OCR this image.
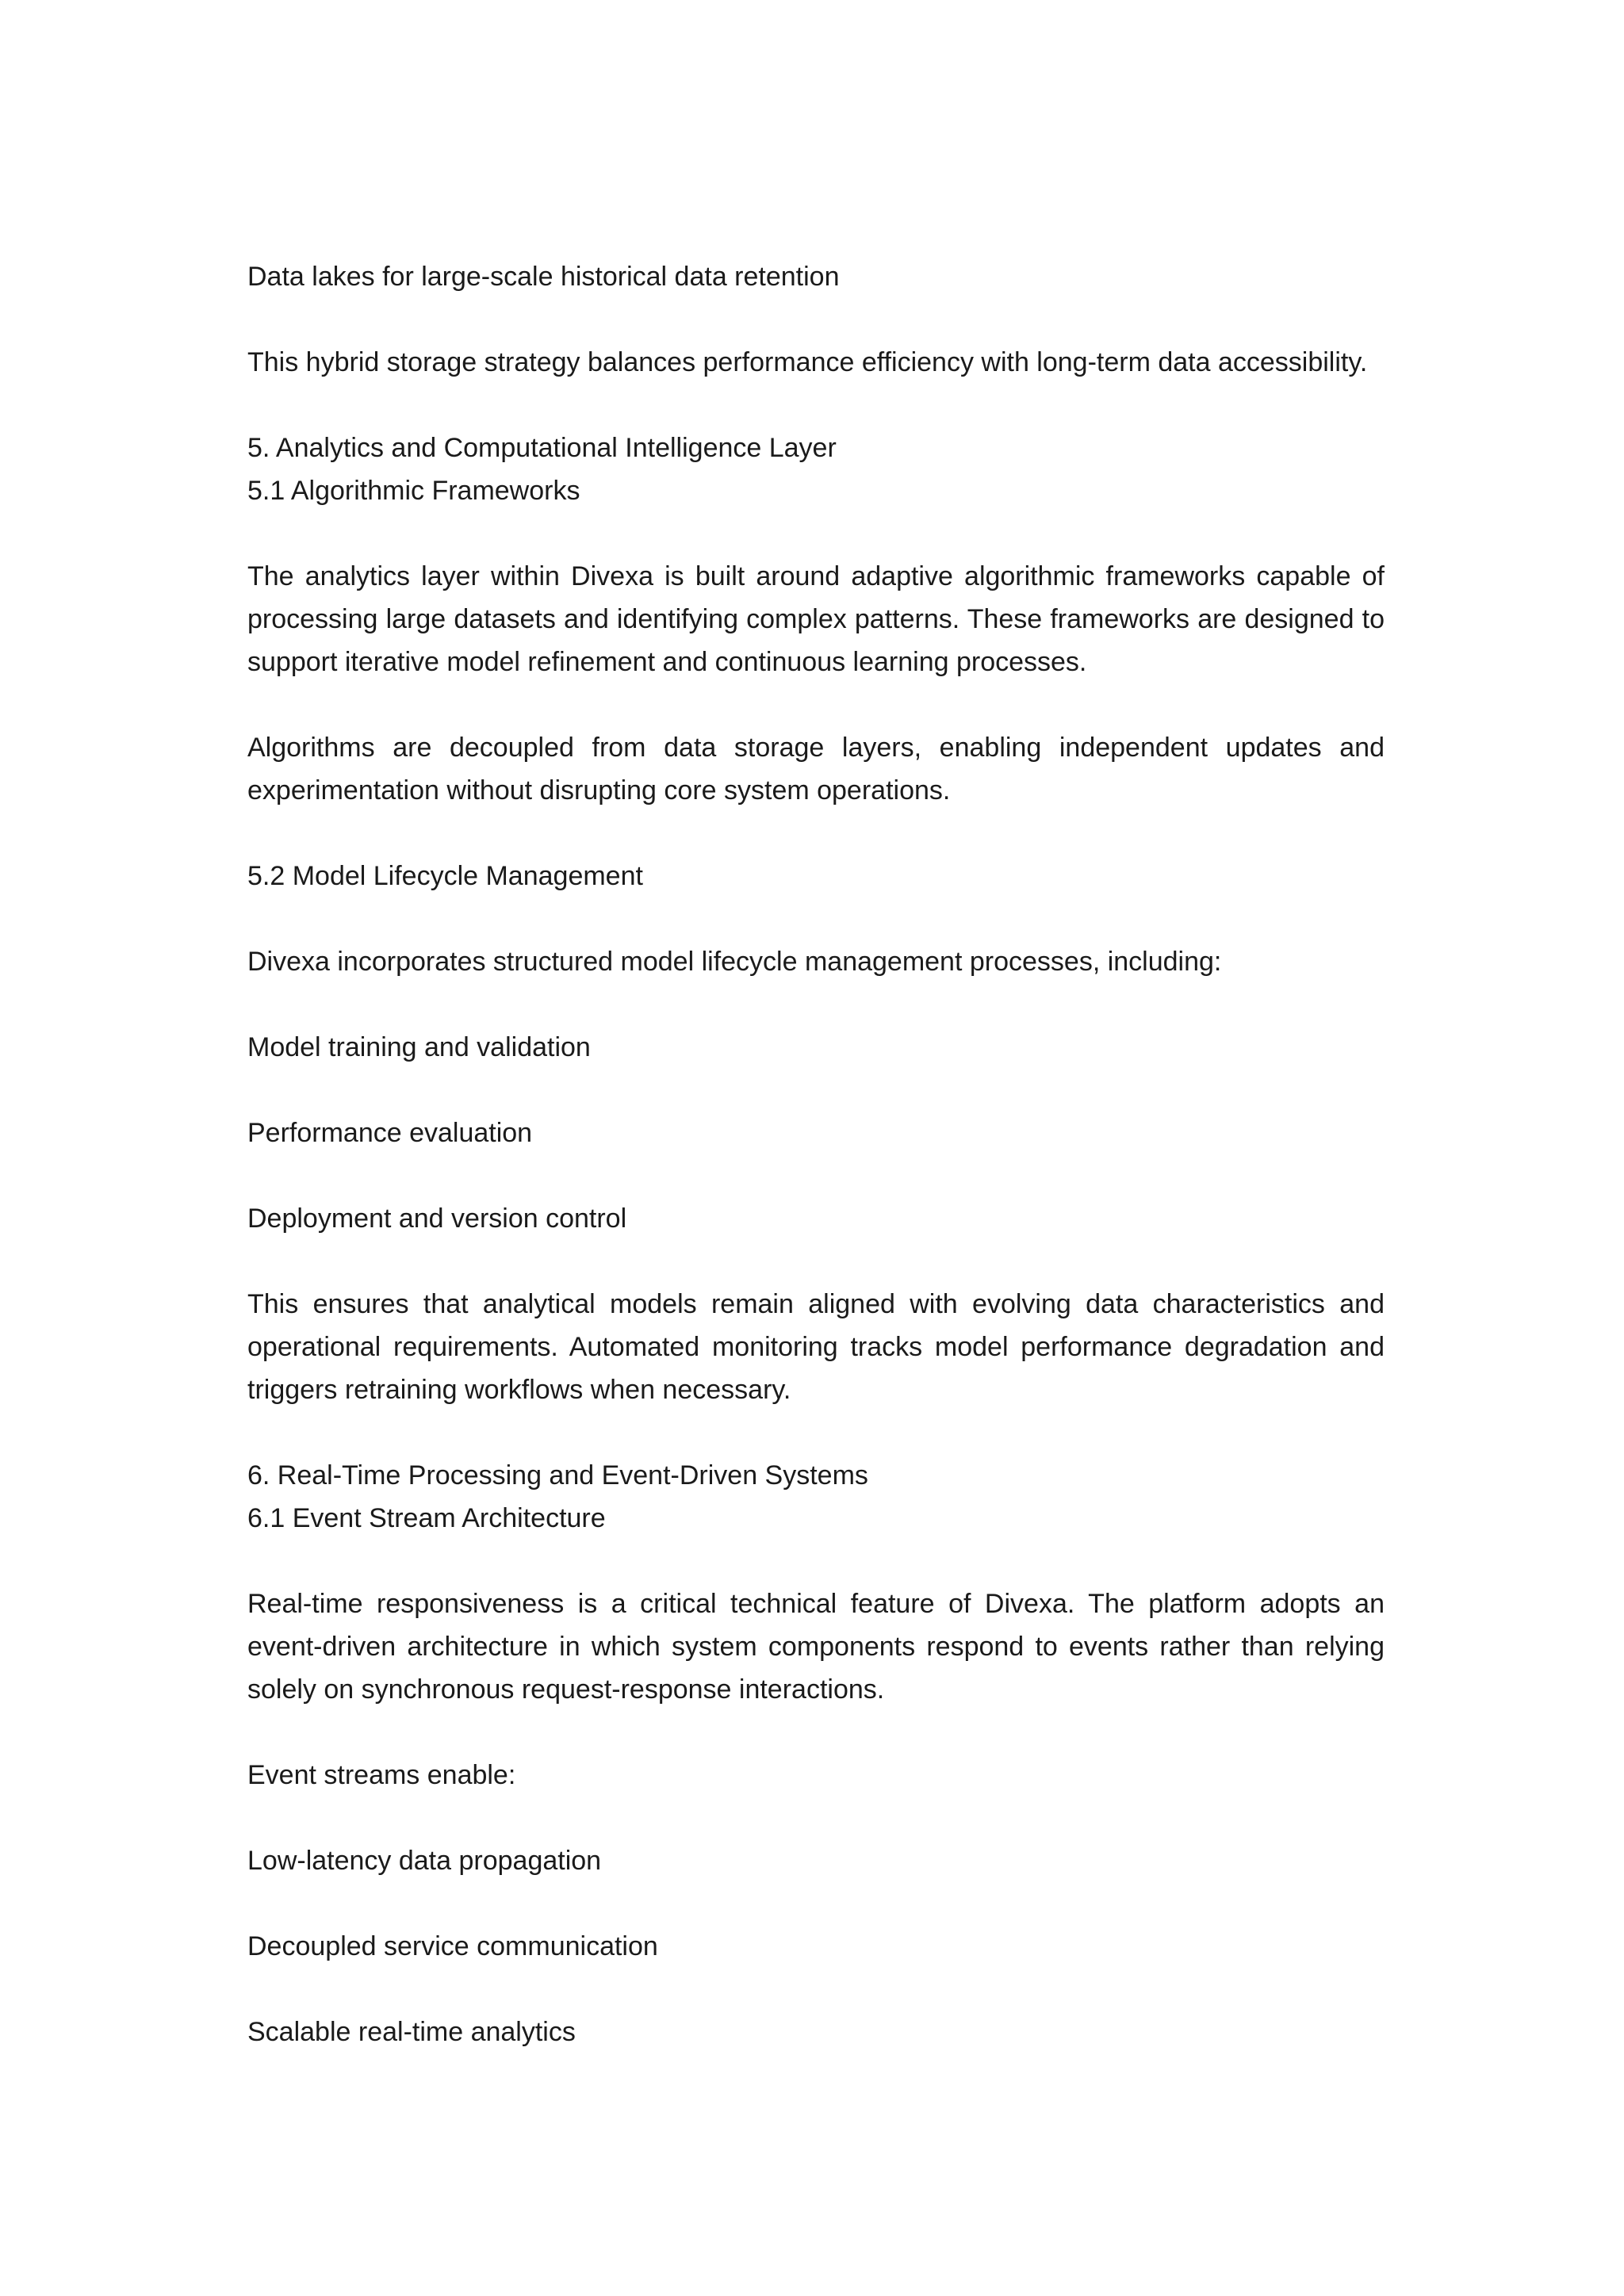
Data lakes for large-scale historical data retention

This hybrid storage strategy balances performance efficiency with long-term data accessibility.

5. Analytics and Computational Intelligence Layer

5.1 Algorithmic Frameworks

The analytics layer within Divexa is built around adaptive algorithmic frameworks capable of processing large datasets and identifying complex patterns. These frameworks are designed to support iterative model refinement and continuous learning processes.

Algorithms are decoupled from data storage layers, enabling independent updates and experimentation without disrupting core system operations.

5.2 Model Lifecycle Management

Divexa incorporates structured model lifecycle management processes, including:

Model training and validation

Performance evaluation

Deployment and version control

This ensures that analytical models remain aligned with evolving data characteristics and operational requirements. Automated monitoring tracks model performance degradation and triggers retraining workflows when necessary.

6. Real-Time Processing and Event-Driven Systems

6.1 Event Stream Architecture

Real-time responsiveness is a critical technical feature of Divexa. The platform adopts an event-driven architecture in which system components respond to events rather than relying solely on synchronous request-response interactions.

Event streams enable:

Low-latency data propagation

Decoupled service communication

Scalable real-time analytics
